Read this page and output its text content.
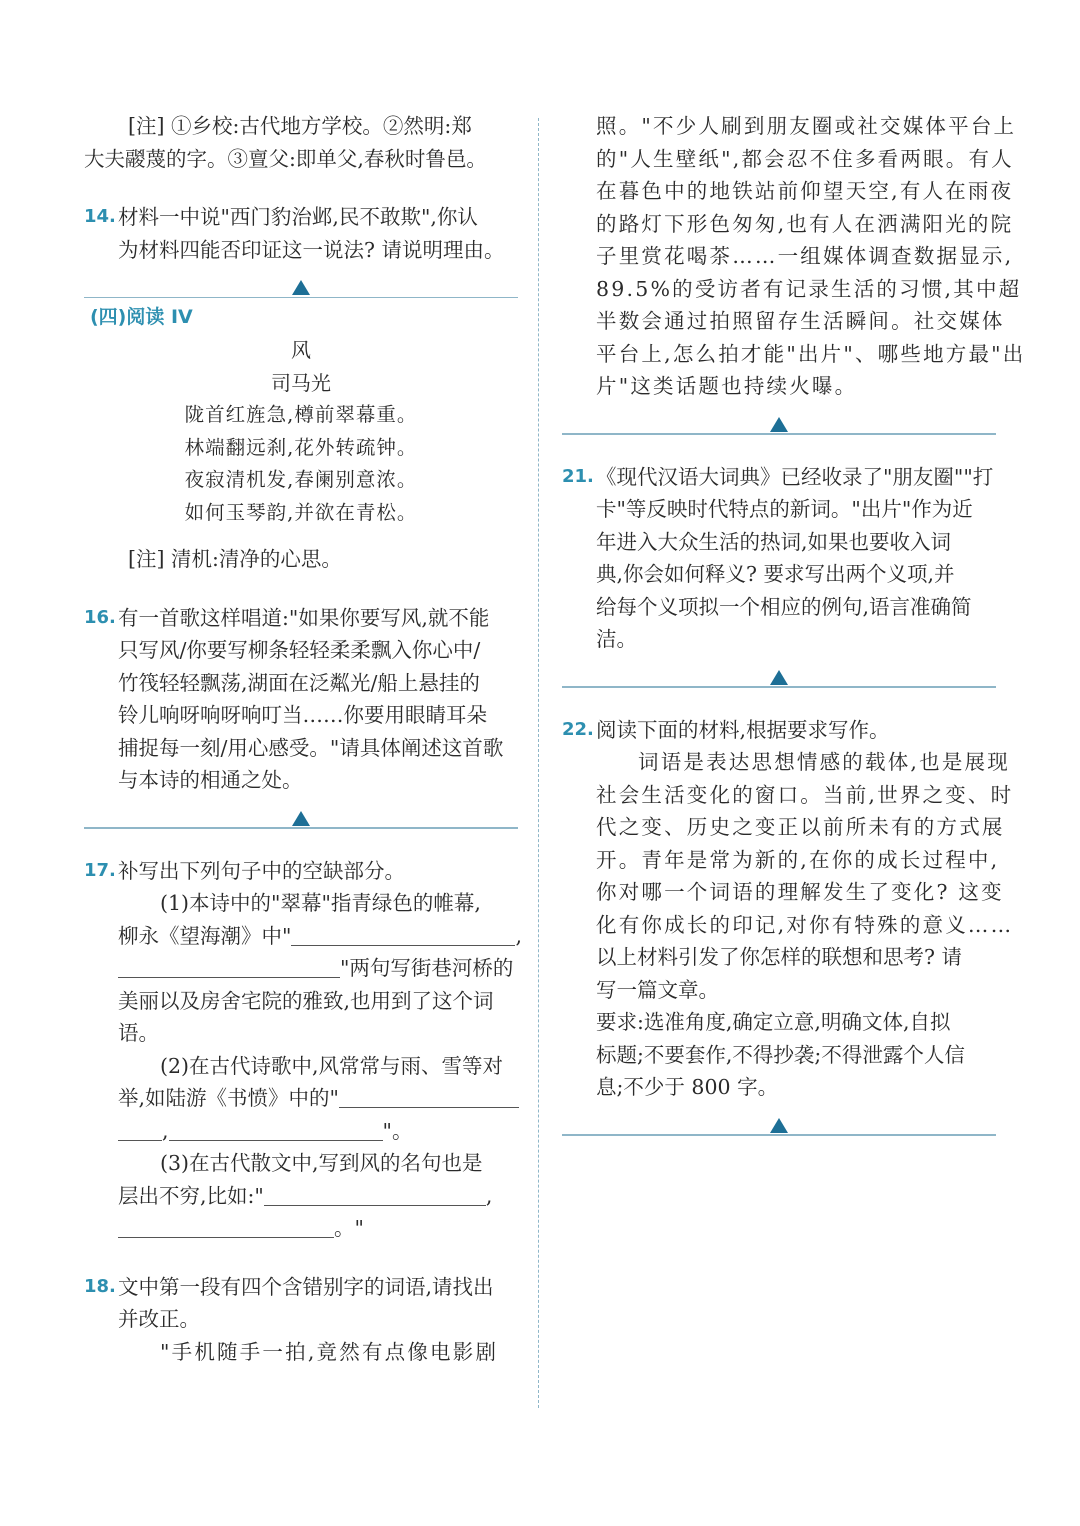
[注] ①乡校:古代地方学校。②然明:郑
大夫鬷蔑的字。③亶父:即单父,春秋时鲁邑。
14. 材料一中说"西门豹治邺,民不敢欺",你认
为材料四能否印证这一说法? 请说明理由。
(四)阅读 IV
风
司马光
陇首红旌急,樽前翠幕重。
林端翻远刹,花外转疏钟。
夜寂清机发,春阑别意浓。
如何玉琴韵,并欲在青松。
[注] 清机:清净的心思。
16. 有一首歌这样唱道:"如果你要写风,就不能
只写风/你要写柳条轻轻柔柔飘入你心中/
竹筏轻轻飘荡,湖面在泛粼光/船上悬挂的
铃儿响呀响呀响叮当……你要用眼睛耳朵
捕捉每一刻/用心感受。"请具体阐述这首歌
与本诗的相通之处。
17. 补写出下列句子中的空缺部分。
(1)本诗中的"翠幕"指青绿色的帷幕,
柳永《望海潮》中"	,
"两句写街巷河桥的
美丽以及房舍宅院的雅致,也用到了这个词
语。
(2)在古代诗歌中,风常常与雨、雪等对
举,如陆游《书愤》中的"
,	"。
(3)在古代散文中,写到风的名句也是
层出不穷,比如:"	,
。"
18. 文中第一段有四个含错别字的词语,请找出
并改正。
"手机随手一拍,竟然有点像电影剧
照。"不少人刷到朋友圈或社交媒体平台上
的"人生壁纸",都会忍不住多看两眼。有人
在暮色中的地铁站前仰望天空,有人在雨夜
的路灯下形色匆匆,也有人在洒满阳光的院
子里赏花喝茶……一组媒体调查数据显示,
89.5%的受访者有记录生活的习惯,其中超
半数会通过拍照留存生活瞬间。社交媒体
平台上,怎么拍才能"出片"、哪些地方最"出
片"这类话题也持续火曝。
21. 《现代汉语大词典》已经收录了"朋友圈""打
卡"等反映时代特点的新词。"出片"作为近
年进入大众生活的热词,如果也要收入词
典,你会如何释义? 要求写出两个义项,并
给每个义项拟一个相应的例句,语言准确简
洁。
22. 阅读下面的材料,根据要求写作。
词语是表达思想情感的载体,也是展现
社会生活变化的窗口。当前,世界之变、时
代之变、历史之变正以前所未有的方式展
开。青年是常为新的,在你的成长过程中,
你对哪一个词语的理解发生了变化? 这变
化有你成长的印记,对你有特殊的意义……
以上材料引发了你怎样的联想和思考? 请
写一篇文章。
要求:选准角度,确定立意,明确文体,自拟
标题;不要套作,不得抄袭;不得泄露个人信
息;不少于 800 字。
